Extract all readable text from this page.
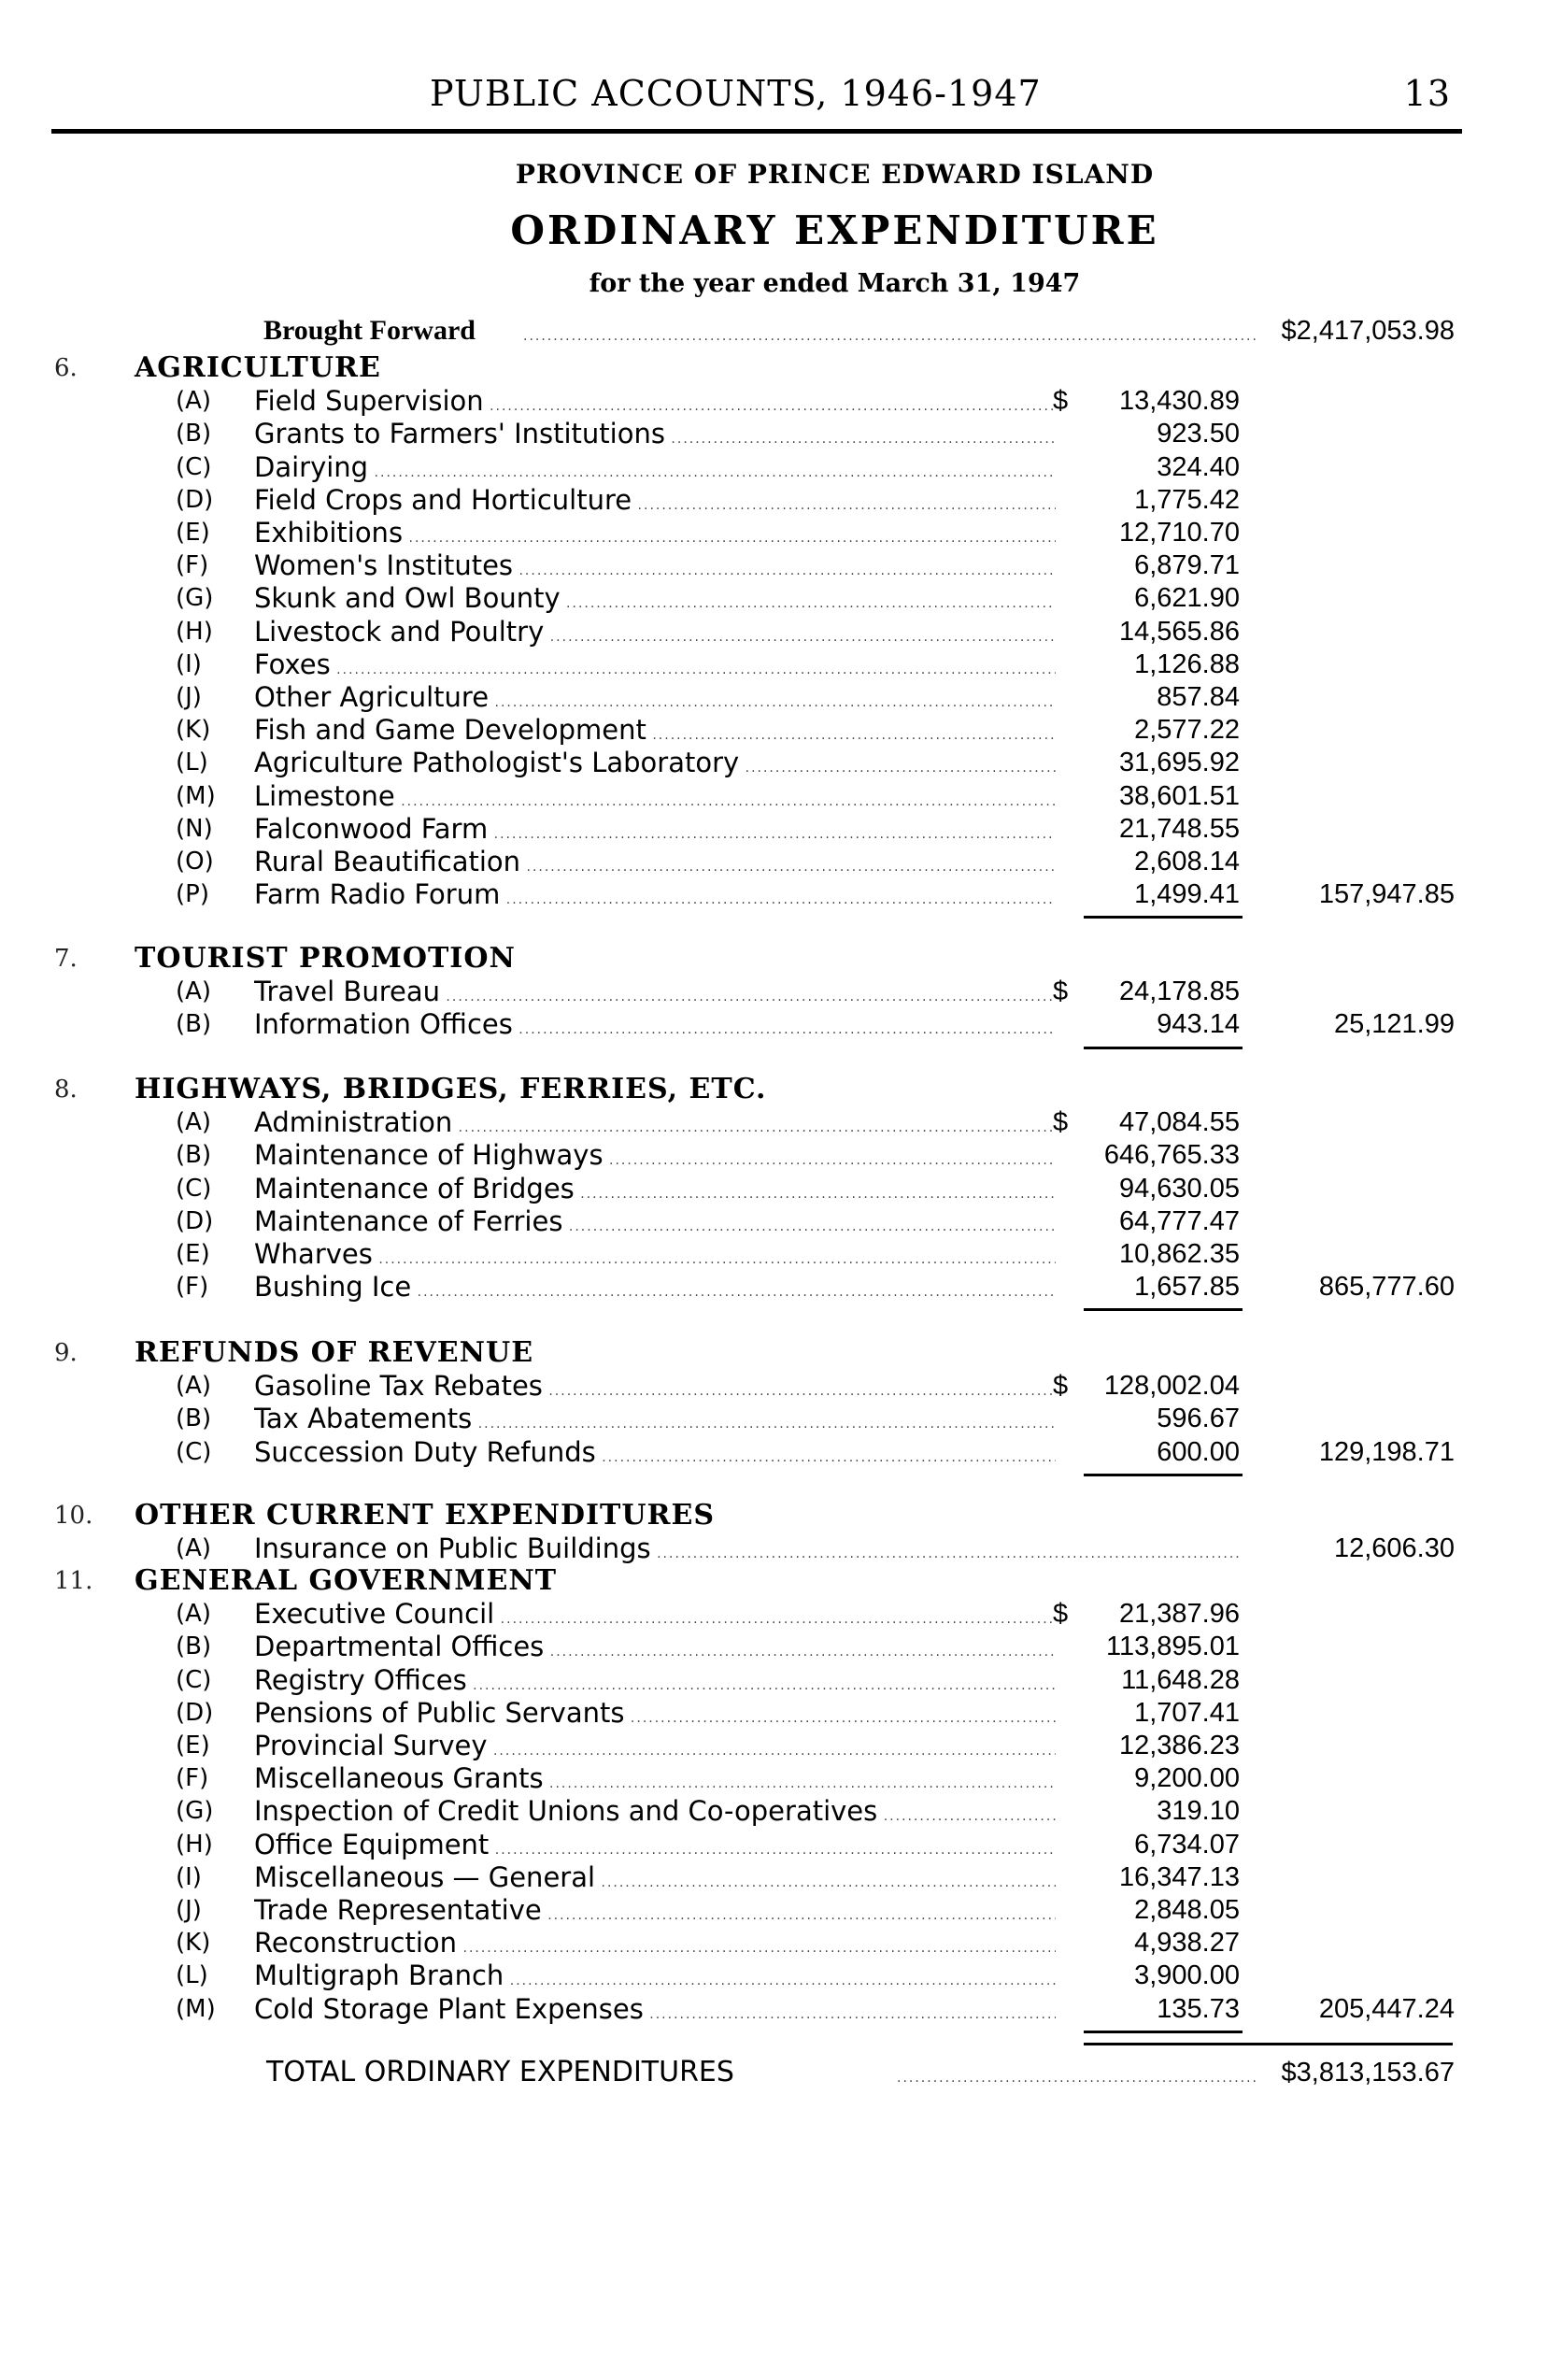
PUBLIC ACCOUNTS, 1946-1947	13
PROVINCE OF PRINCE EDWARD ISLAND
ORDINARY EXPENDITURE
for the year ended March 31, 1947
Brought Forward .....	$2,417,053.98
6. AGRICULTURE
(A) Field Supervision .....	$ 13,430.89
(B) Grants to Farmers' Institutions .....	923.50
(C) Dairying .....	324.40
(D) Field Crops and Horticulture .....	1,775.42
(E) Exhibitions .....	12,710.70
(F) Women's Institutes .....	6,879.71
(G) Skunk and Owl Bounty .....	6,621.90
(H) Livestock and Poultry .....	14,565.86
(I) Foxes .....	1,126.88
(J) Other Agriculture .....	857.84
(K) Fish and Game Development .....	2,577.22
(L) Agriculture Pathologist's Laboratory .....	31,695.92
(M) Limestone .....	38,601.51
(N) Falconwood Farm .....	21,748.55
(O) Rural Beautification .....	2,608.14
(P) Farm Radio Forum .....	1,499.41	157,947.85
7. TOURIST PROMOTION
(A) Travel Bureau .....	$ 24,178.85
(B) Information Offices .....	943.14	25,121.99
8. HIGHWAYS, BRIDGES, FERRIES, ETC.
(A) Administration .....	$ 47,084.55
(B) Maintenance of Highways .....	646,765.33
(C) Maintenance of Bridges .....	94,630.05
(D) Maintenance of Ferries .....	64,777.47
(E) Wharves .....	10,862.35
(F) Bushing Ice .....	1,657.85	865,777.60
9. REFUNDS OF REVENUE
(A) Gasoline Tax Rebates .....	$ 128,002.04
(B) Tax Abatements .....	596.67
(C) Succession Duty Refunds .....	600.00	129,198.71
10. OTHER CURRENT EXPENDITURES
(A) Insurance on Public Buildings .....	12,606.30
11. GENERAL GOVERNMENT
(A) Executive Council .....	$ 21,387.96
(B) Departmental Offices .....	113,895.01
(C) Registry Offices .....	11,648.28
(D) Pensions of Public Servants .....	1,707.41
(E) Provincial Survey .....	12,386.23
(F) Miscellaneous Grants .....	9,200.00
(G) Inspection of Credit Unions and Co-operatives .....	319.10
(H) Office Equipment .....	6,734.07
(I) Miscellaneous — General .....	16,347.13
(J) Trade Representative .....	2,848.05
(K) Reconstruction .....	4,938.27
(L) Multigraph Branch .....	3,900.00
(M) Cold Storage Plant Expenses .....	135.73	205,447.24
TOTAL ORDINARY EXPENDITURES .....	$3,813,153.67
